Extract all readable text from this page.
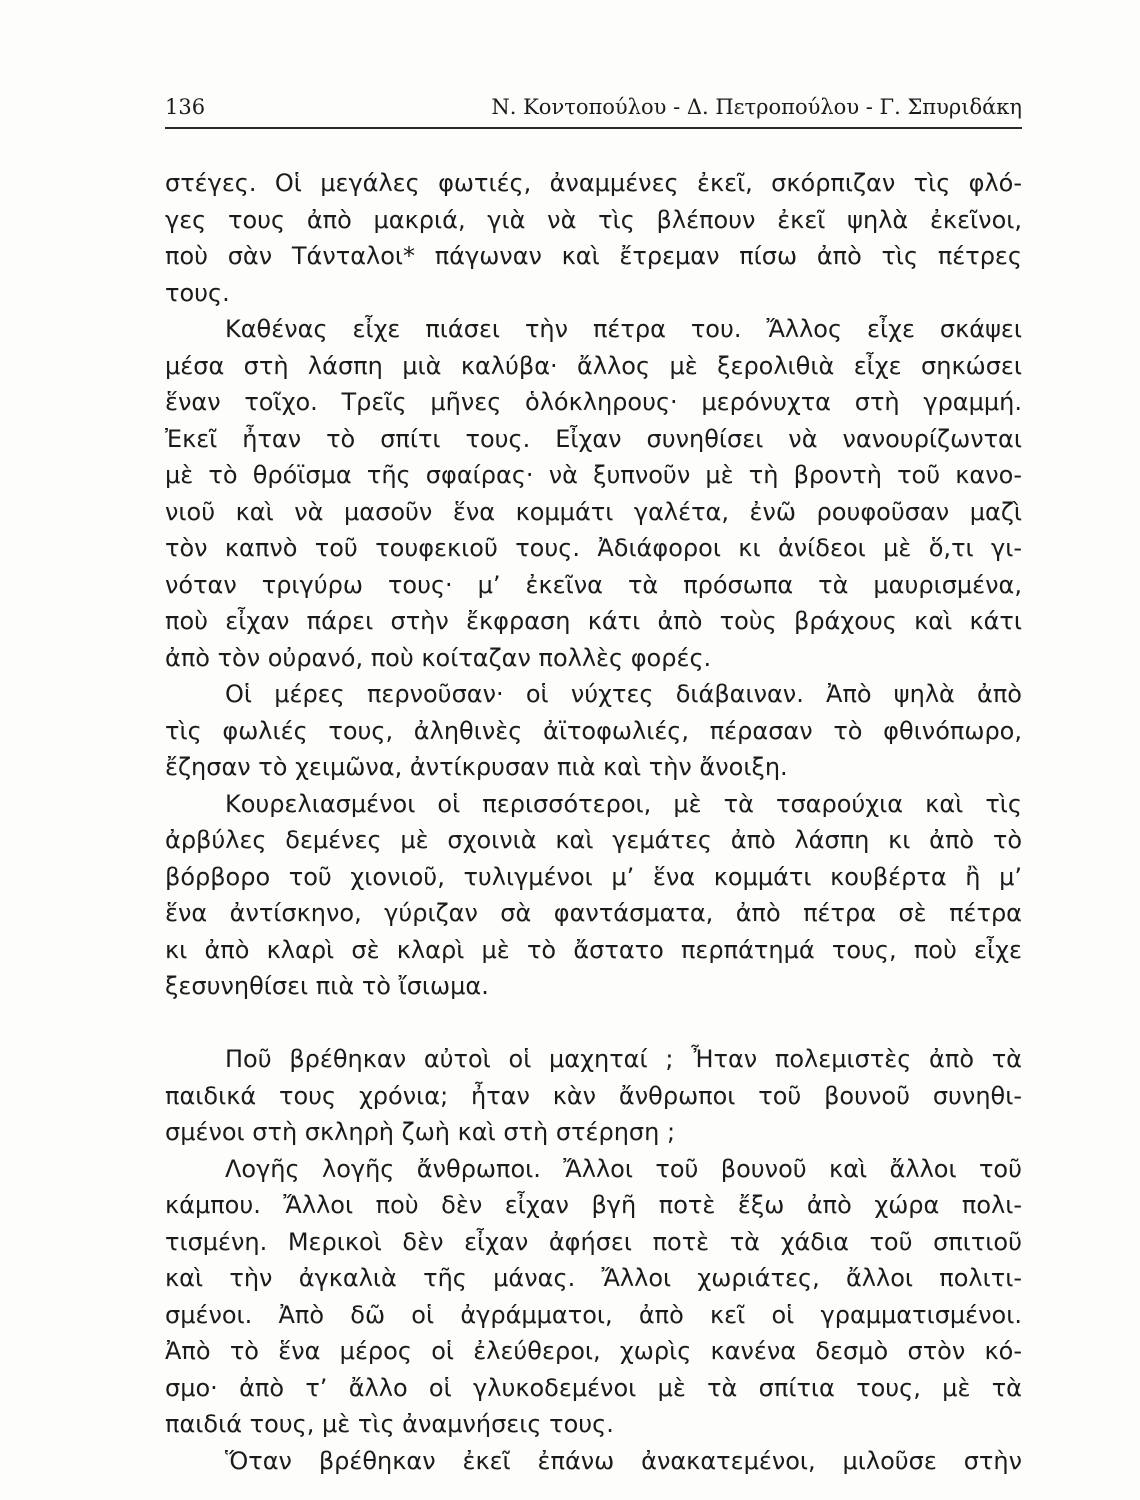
136	Ν. Κοντοπούλου - Δ. Πετροπούλου - Γ. Σπυριδάκη
στέγες. Οἱ μεγάλες φωτιές, ἀναμμένες ἐκεῖ, σκόρπιζαν τὶς φλό-
γες τους ἀπὸ μακριά, γιὰ νὰ τὶς βλέπουν ἐκεῖ ψηλὰ ἐκεῖνοι,
ποὺ σὰν Τάνταλοι* πάγωναν καὶ ἔτρεμαν πίσω ἀπὸ τὶς πέτρες
τους.
Καθένας εἶχε πιάσει τὴν πέτρα του. Ἄλλος εἶχε σκάψει
μέσα στὴ λάσπη μιὰ καλύβα· ἄλλος μὲ ξερολιθιὰ εἶχε σηκώσει
ἕναν τοῖχο. Τρεῖς μῆνες ὁλόκληρους· μερόνυχτα στὴ γραμμή.
Ἐκεῖ ἦταν τὸ σπίτι τους. Εἶχαν συνηθίσει νὰ νανουρίζωνται
μὲ τὸ θρόϊσμα τῆς σφαίρας· νὰ ξυπνοῦν μὲ τὴ βροντὴ τοῦ κανο-
νιοῦ καὶ νὰ μασοῦν ἕνα κομμάτι γαλέτα, ἐνῶ ρουφοῦσαν μαζὶ
τὸν καπνὸ τοῦ τουφεκιοῦ τους. Ἀδιάφοροι κι ἀνίδεοι μὲ ὅ,τι γι-
νόταν τριγύρω τους· μ’ ἐκεῖνα τὰ πρόσωπα τὰ μαυρισμένα,
ποὺ εἶχαν πάρει στὴν ἔκφραση κάτι ἀπὸ τοὺς βράχους καὶ κάτι
ἀπὸ τὸν οὐρανό, ποὺ κοίταζαν πολλὲς φορές.
Οἱ μέρες περνοῦσαν· οἱ νύχτες διάβαιναν. Ἀπὸ ψηλὰ ἀπὸ
τὶς φωλιές τους, ἀληθινὲς ἀϊτοφωλιές, πέρασαν τὸ φθινόπωρο,
ἔζησαν τὸ χειμῶνα, ἀντίκρυσαν πιὰ καὶ τὴν ἄνοιξη.
Κουρελιασμένοι οἱ περισσότεροι, μὲ τὰ τσαρούχια καὶ τὶς
ἀρβύλες δεμένες μὲ σχοινιὰ καὶ γεμάτες ἀπὸ λάσπη κι ἀπὸ τὸ
βόρβορο τοῦ χιονιοῦ, τυλιγμένοι μ’ ἕνα κομμάτι κουβέρτα ἢ μ’
ἕνα ἀντίσκηνο, γύριζαν σὰ φαντάσματα, ἀπὸ πέτρα σὲ πέτρα
κι ἀπὸ κλαρὶ σὲ κλαρὶ μὲ τὸ ἄστατο περπάτημά τους, ποὺ εἶχε
ξεσυνηθίσει πιὰ τὸ ἴσιωμα.
Ποῦ βρέθηκαν αὐτοὶ οἱ μαχηταί ; Ἦταν πολεμιστὲς ἀπὸ τὰ
παιδικά τους χρόνια; ἦταν κὰν ἄνθρωποι τοῦ βουνοῦ συνηθι-
σμένοι στὴ σκληρὴ ζωὴ καὶ στὴ στέρηση ;
Λογῆς λογῆς ἄνθρωποι. Ἄλλοι τοῦ βουνοῦ καὶ ἄλλοι τοῦ
κάμπου. Ἄλλοι ποὺ δὲν εἶχαν βγῆ ποτὲ ἔξω ἀπὸ χώρα πολι-
τισμένη. Μερικοὶ δὲν εἶχαν ἀφήσει ποτὲ τὰ χάδια τοῦ σπιτιοῦ
καὶ τὴν ἀγκαλιὰ τῆς μάνας. Ἄλλοι χωριάτες, ἄλλοι πολιτι-
σμένοι. Ἀπὸ δῶ οἱ ἀγράμματοι, ἀπὸ κεῖ οἱ γραμματισμένοι.
Ἀπὸ τὸ ἕνα μέρος οἱ ἐλεύθεροι, χωρὶς κανένα δεσμὸ στὸν κό-
σμο· ἀπὸ τ’ ἄλλο οἱ γλυκοδεμένοι μὲ τὰ σπίτια τους, μὲ τὰ
παιδιά τους, μὲ τὶς ἀναμνήσεις τους.
Ὅταν βρέθηκαν ἐκεῖ ἐπάνω ἀνακατεμένοι, μιλοῦσε στὴν
